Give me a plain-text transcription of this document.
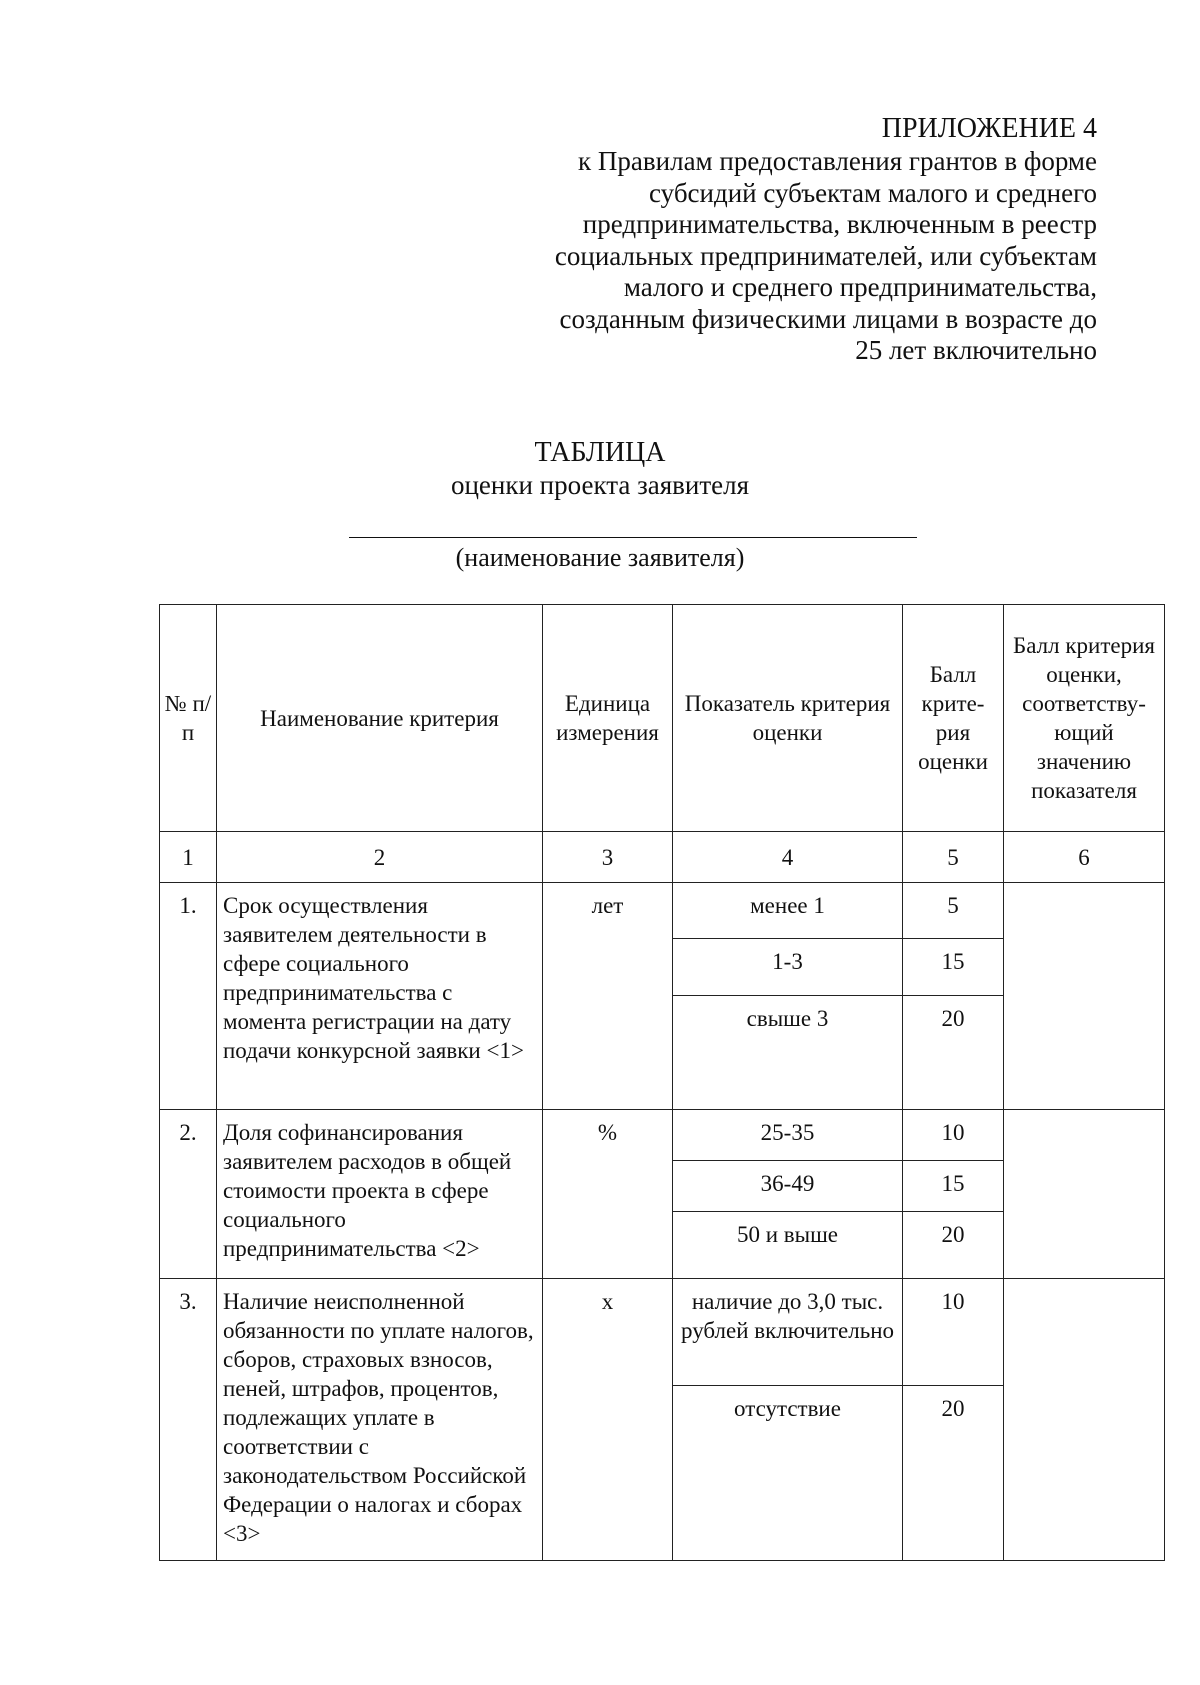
ПРИЛОЖЕНИЕ 4
к Правилам предоставления грантов в форме
субсидий субъектам малого и среднего
предпринимательства, включенным в реестр
социальных предпринимателей, или субъектам
малого и среднего предпринимательства,
созданным физическими лицами в возрасте до
25 лет включительно
ТАБЛИЦА
оценки проекта заявителя
(наименование заявителя)
№ п/п	Наименование критерия	Единица измерения	Показатель критерия оценки	Балл крите-рия оценки	Балл критерия оценки, соответству-ющий значению показателя
1	2	3	4	5	6
1.	Срок осуществления заявителем деятельности в сфере социального предпринимательства с момента регистрации на дату подачи конкурсной заявки <1>	лет	менее 1	5	
			1-3	15	
			свыше 3	20	
2.	Доля софинансирования заявителем расходов в общей стоимости проекта в сфере социального предпринимательства <2>	%	25-35	10	
			36-49	15	
			50 и выше	20	
3.	Наличие неисполненной обязанности по уплате налогов, сборов, страховых взносов, пеней, штрафов, процентов, подлежащих уплате в соответствии с законодательством Российской Федерации о налогах и сборах <3>	х	наличие до 3,0 тыс. рублей включительно	10	
			отсутствие	20	
